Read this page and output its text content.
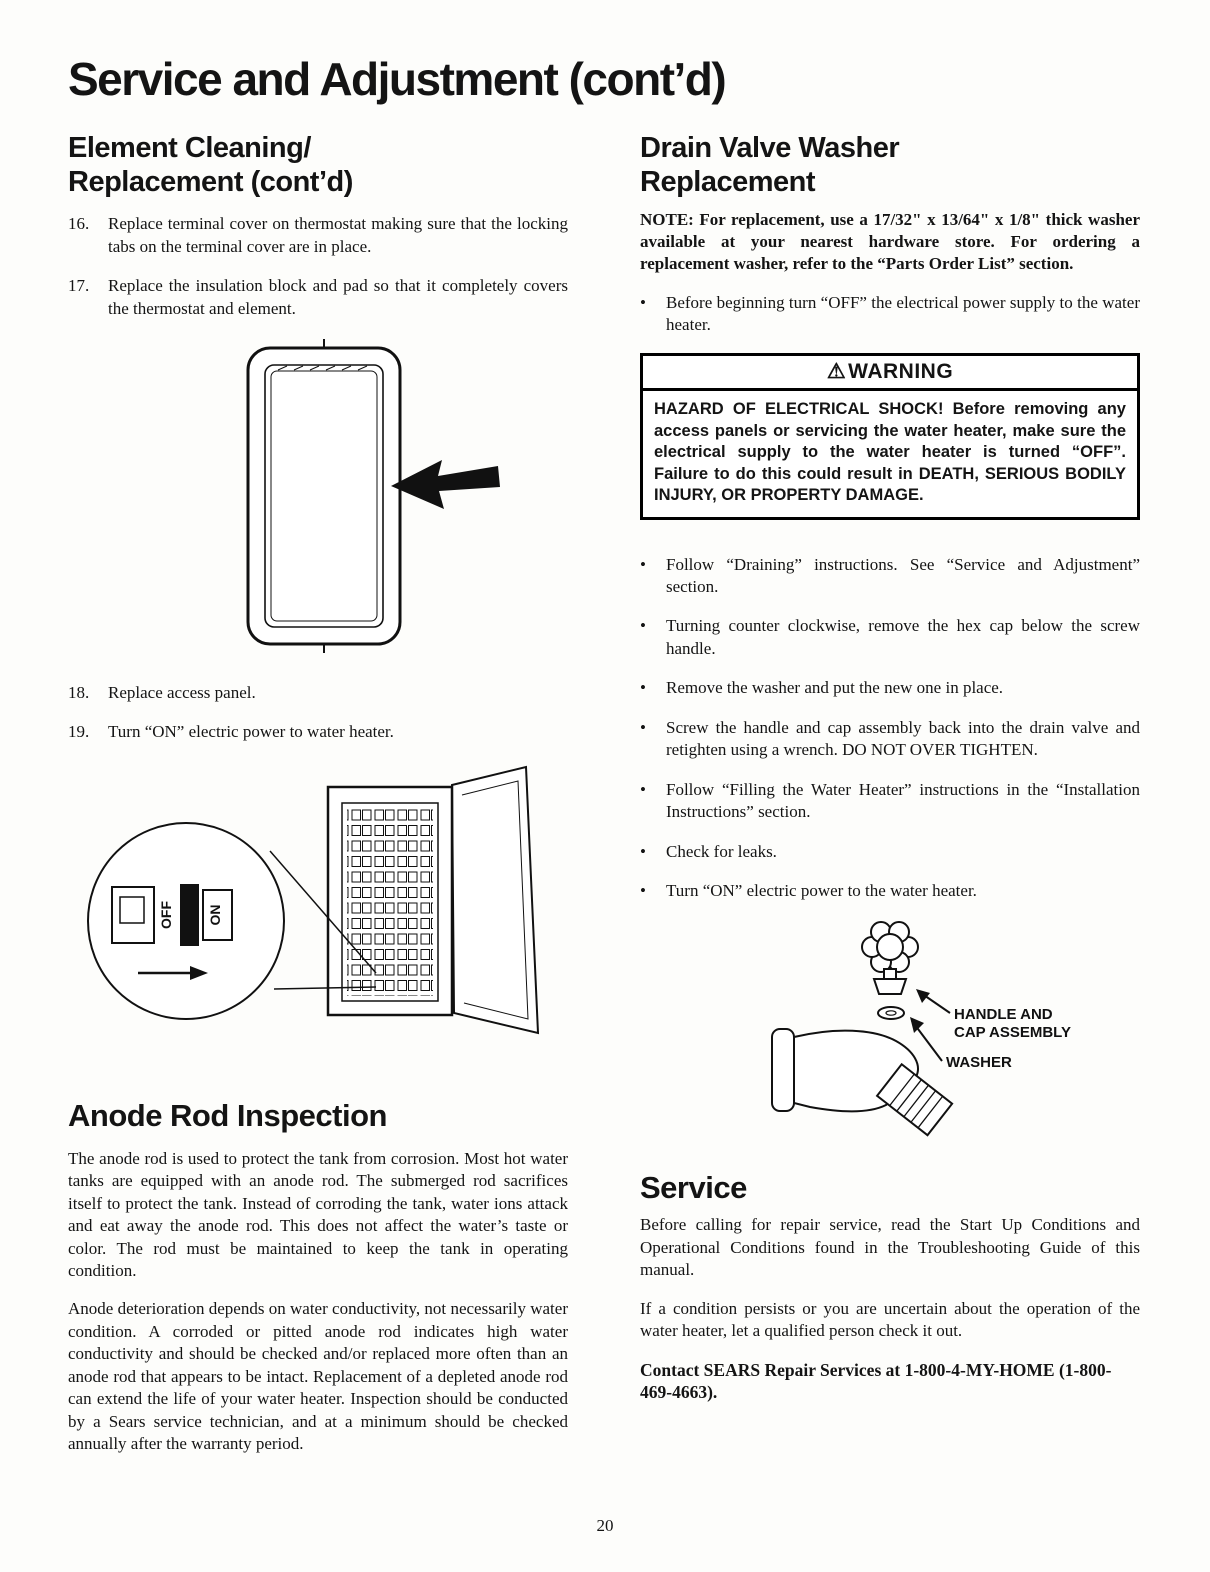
Service and Adjustment (cont’d)
Element Cleaning/
Replacement (cont’d)
16.	Replace terminal cover on thermostat making sure that the locking tabs on the terminal cover are in place.
17.	Replace the insulation block and pad so that it completely covers the thermostat and element.
18.	Replace access panel.
19.	Turn “ON” electric power to water heater.
OFF ON
Anode Rod Inspection

The anode rod is used to protect the tank from corrosion. Most hot water tanks are equipped with an anode rod. The submerged rod sacrifices itself to protect the tank. Instead of corroding the tank, water ions attack and eat away the anode rod. This does not affect the water’s taste or color. The rod must be maintained to keep the tank in operating condition.

Anode deterioration depends on water conductivity, not necessarily water condition. A corroded or pitted anode rod indicates high water conductivity and should be checked and/or replaced more often than an anode rod that appears to be intact. Replacement of a depleted anode rod can extend the life of your water heater. Inspection should be conducted by a Sears service technician, and at a minimum should be checked annually after the warranty period.

Drain Valve Washer
Replacement

NOTE: For replacement, use a 17/32" x 13/64" x 1/8" thick washer available at your nearest hardware store. For ordering a replacement washer, refer to the “Parts Order List” section.

•
Before beginning turn “OFF” the electrical power supply to the water heater.
⚠WARNING
HAZARD OF ELECTRICAL SHOCK! Before removing any access panels or servicing the water heater, make sure the electrical supply to the water heater is turned “OFF”. Failure to do this could result in DEATH, SERIOUS BODILY INJURY, OR PROPERTY DAMAGE.
•
Follow “Draining” instructions. See “Service and Adjustment” section.
•
Turning counter clockwise, remove the hex cap below the screw handle.
•
Remove the washer and put the new one in place.
•
Screw the handle and cap assembly back into the drain valve and retighten using a wrench. DO NOT OVER TIGHTEN.
•
Follow “Filling the Water Heater” instructions in the “Installation Instructions” section.
•
Check for leaks.
•
Turn “ON” electric power to the water heater.
HANDLE AND
CAP ASSEMBLY
WASHER
Service

Before calling for repair service, read the Start Up Conditions and Operational Conditions found in the Troubleshooting Guide of this manual.

If a condition persists or you are uncertain about the operation of the water heater, let a qualified person check it out.

Contact SEARS Repair Services at 1-800-4-MY-HOME (1-800-469-4663).

20
